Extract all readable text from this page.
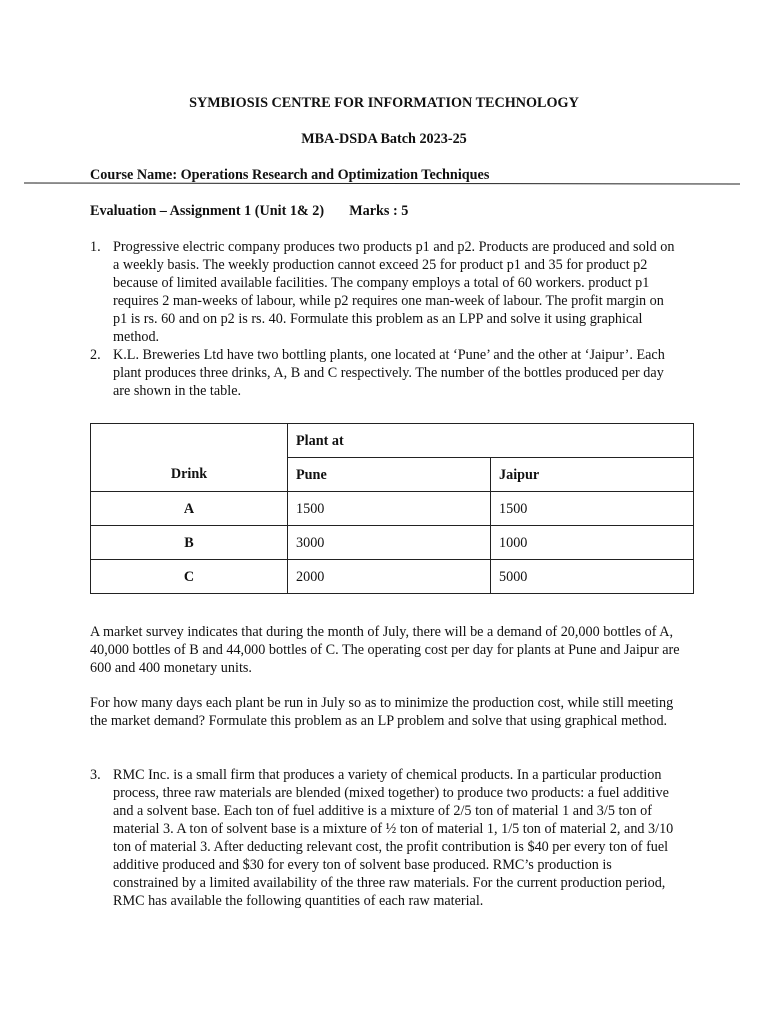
SYMBIOSIS CENTRE FOR INFORMATION TECHNOLOGY
MBA-DSDA Batch 2023-25
Course Name: Operations Research and Optimization Techniques
Evaluation – Assignment 1 (Unit 1& 2) Marks : 5
1. Progressive electric company produces two products p1 and p2. Products are produced and sold on a weekly basis. The weekly production cannot exceed 25 for product p1 and 35 for product p2 because of limited available facilities. The company employs a total of 60 workers. product p1 requires 2 man-weeks of labour, while p2 requires one man-week of labour. The profit margin on p1 is rs. 60 and on p2 is rs. 40. Formulate this problem as an LPP and solve it using graphical method.
2. K.L. Breweries Ltd have two bottling plants, one located at ‘Pune’ and the other at ‘Jaipur’. Each plant produces three drinks, A, B and C respectively. The number of the bottles produced per day are shown in the table.
Drink	Plant at	
	Pune	Jaipur
A	1500	1500
B	3000	1000
C	2000	5000

A market survey indicates that during the month of July, there will be a demand of 20,000 bottles of A, 40,000 bottles of B and 44,000 bottles of C. The operating cost per day for plants at Pune and Jaipur are 600 and 400 monetary units.

For how many days each plant be run in July so as to minimize the production cost, while still meeting the market demand? Formulate this problem as an LP problem and solve that using graphical method.

3. RMC Inc. is a small firm that produces a variety of chemical products. In a particular production process, three raw materials are blended (mixed together) to produce two products: a fuel additive and a solvent base. Each ton of fuel additive is a mixture of 2/5 ton of material 1 and 3/5 ton of material 3. A ton of solvent base is a mixture of ½ ton of material 1, 1/5 ton of material 2, and 3/10 ton of material 3. After deducting relevant cost, the profit contribution is $40 per every ton of fuel additive produced and $30 for every ton of solvent base produced. RMC’s production is constrained by a limited availability of the three raw materials. For the current production period, RMC has available the following quantities of each raw material.
